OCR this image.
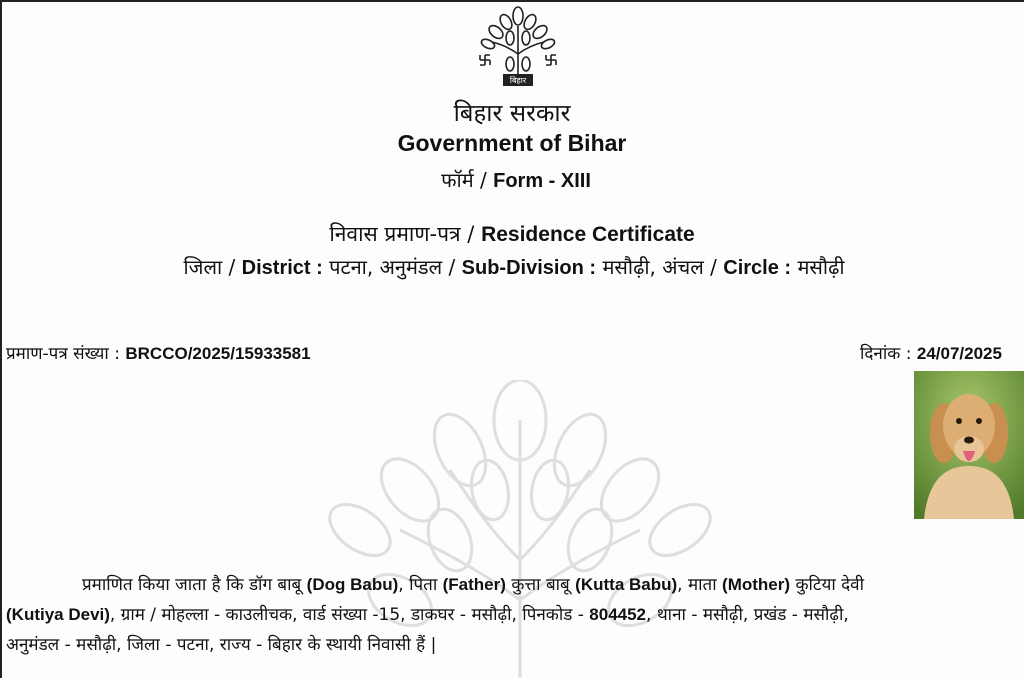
बिहार
बिहार सरकार
Government of Bihar
फॉर्म / Form - XIII
निवास प्रमाण-पत्र / Residence Certificate
जिला / District : पटना, अनुमंडल / Sub-Division : मसौढ़ी, अंचल / Circle : मसौढ़ी
प्रमाण-पत्र संख्या : BRCCO/2025/15933581	दिनांक : 24/07/2025
प्रमाणित किया जाता है कि डॉग बाबू (Dog Babu), पिता (Father) कुत्ता बाबू (Kutta Babu), माता (Mother) कुटिया देवी
(Kutiya Devi), ग्राम / मोहल्ला - काउलीचक, वार्ड संख्या -15, डाकघर - मसौढ़ी, पिनकोड - 804452, थाना - मसौढ़ी, प्रखंड - मसौढ़ी,
अनुमंडल - मसौढ़ी, जिला - पटना, राज्य - बिहार के स्थायी निवासी हैं |
